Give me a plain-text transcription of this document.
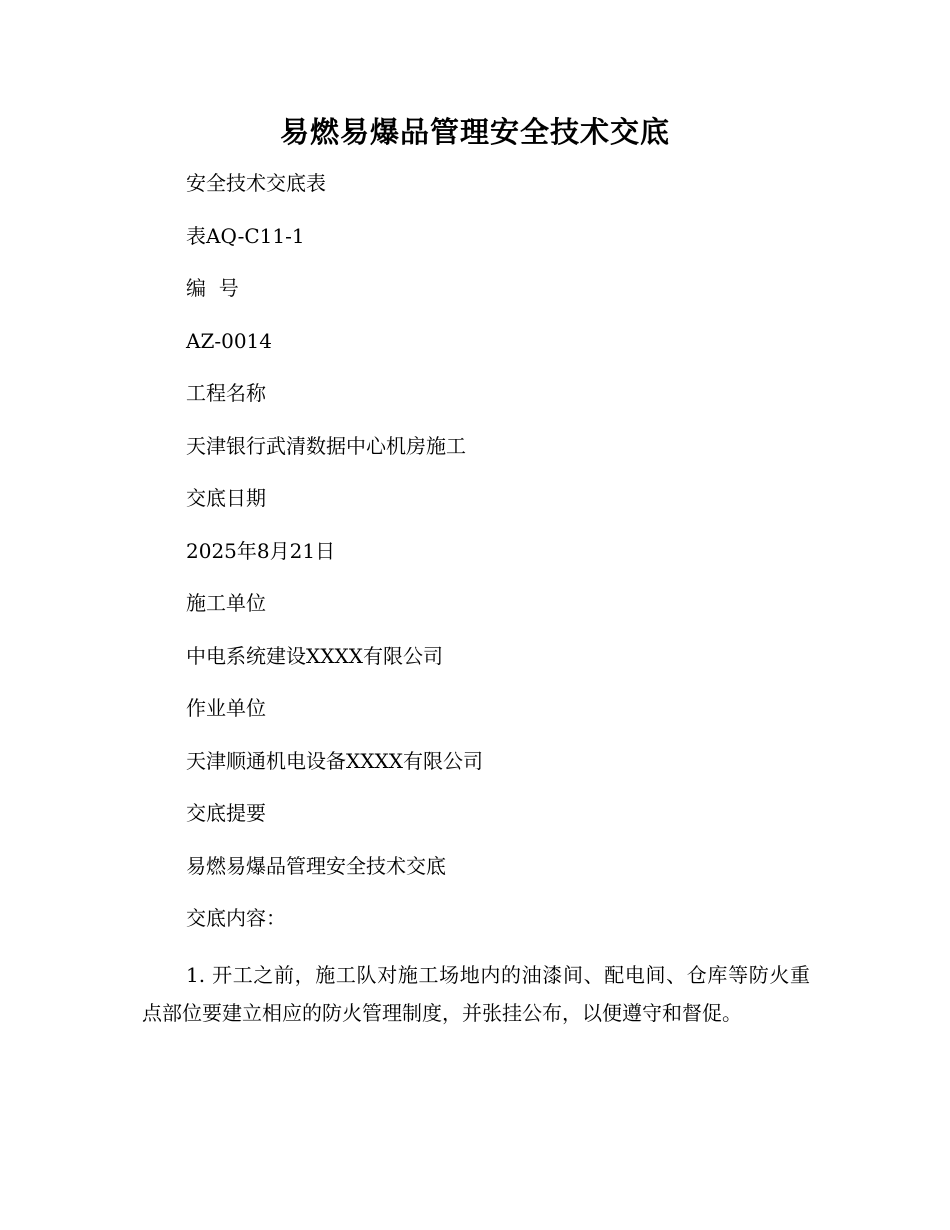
易燃易爆品管理安全技术交底
安全技术交底表
表AQ-C11-1
编  号
AZ-0014
工程名称
天津银行武清数据中心机房施工
交底日期
2025年8月21日
施工单位
中电系统建设XXXX有限公司
作业单位
天津顺通机电设备XXXX有限公司
交底提要
易燃易爆品管理安全技术交底
交底内容：
1. 开工之前，施工队对施工场地内的油漆间、配电间、仓库等防火重点部位要建立相应的防火管理制度，并张挂公布，以便遵守和督促。
